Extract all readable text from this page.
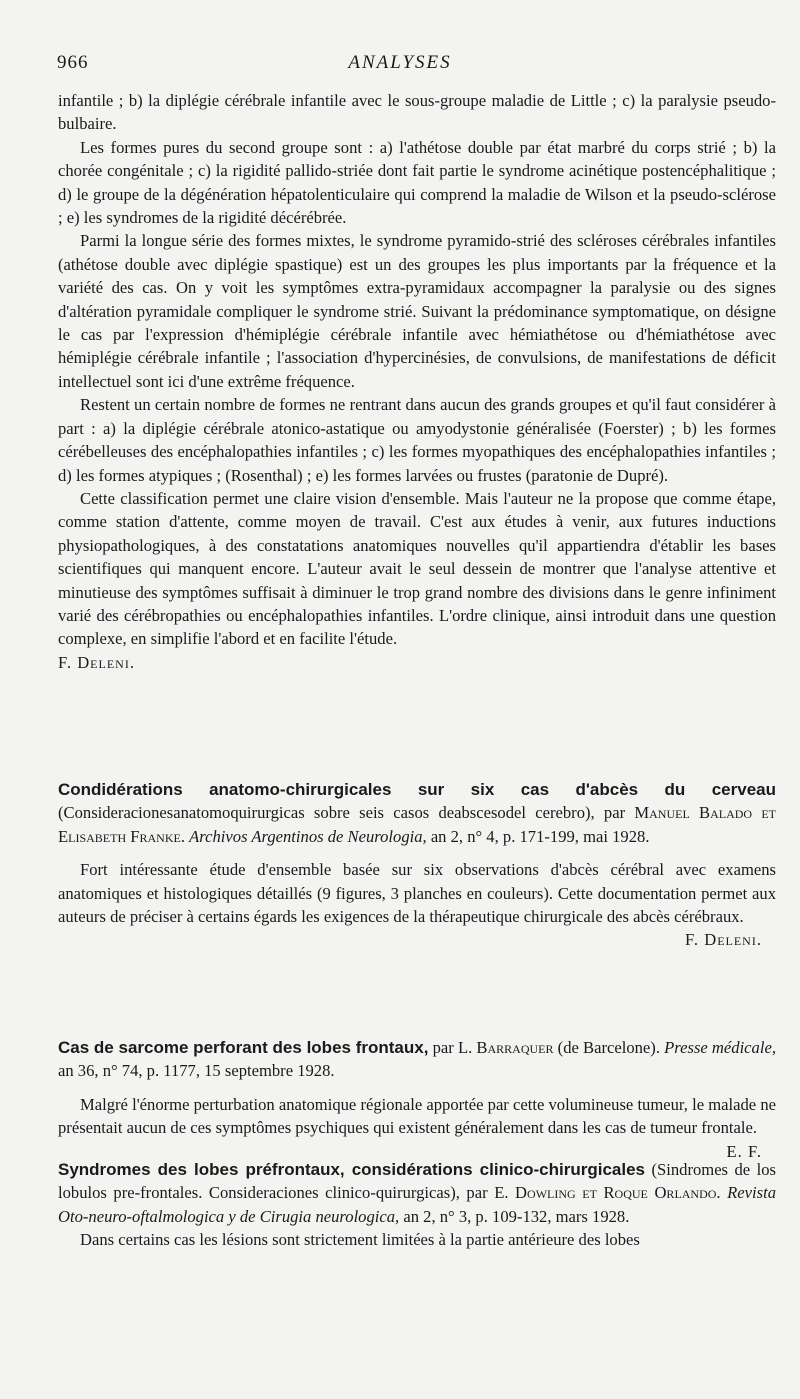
966	ANALYSES

infantile ; b) la diplégie cérébrale infantile avec le sous-groupe maladie de Little ; c) la paralysie pseudo-bulbaire.

Les formes pures du second groupe sont : a) l'athétose double par état marbré du corps strié ; b) la chorée congénitale ; c) la rigidité pallido-striée dont fait partie le syndrome acinétique postencéphalitique ; d) le groupe de la dégénération hépatolenticulaire qui comprend la maladie de Wilson et la pseudo-sclérose ; e) les syndromes de la rigidité décérébrée.

Parmi la longue série des formes mixtes, le syndrome pyramido-strié des scléroses cérébrales infantiles (athétose double avec diplégie spastique) est un des groupes les plus importants par la fréquence et la variété des cas. On y voit les symptômes extra-pyramidaux accompagner la paralysie ou des signes d'altération pyramidale compliquer le syndrome strié. Suivant la prédominance symptomatique, on désigne le cas par l'expression d'hémiplégie cérébrale infantile avec hémiathétose ou d'hémiathétose avec hémiplégie cérébrale infantile ; l'association d'hypercinésies, de convulsions, de manifestations de déficit intellectuel sont ici d'une extrême fréquence.

Restent un certain nombre de formes ne rentrant dans aucun des grands groupes et qu'il faut considérer à part : a) la diplégie cérébrale atonico-astatique ou amyodystonie généralisée (Foerster) ; b) les formes cérébelleuses des encéphalopathies infantiles ; c) les formes myopathiques des encéphalopathies infantiles ; d) les formes atypiques ; (Rosenthal) ; e) les formes larvées ou frustes (paratonie de Dupré).

Cette classification permet une claire vision d'ensemble. Mais l'auteur ne la propose que comme étape, comme station d'attente, comme moyen de travail. C'est aux études à venir, aux futures inductions physiopathologiques, à des constatations anatomiques nouvelles qu'il appartiendra d'établir les bases scientifiques qui manquent encore. L'auteur avait le seul dessein de montrer que l'analyse attentive et minutieuse des symptômes suffisait à diminuer le trop grand nombre des divisions dans le genre infiniment varié des cérébropathies ou encéphalopathies infantiles. L'ordre clinique, ainsi introduit dans une question complexe, en simplifie l'abord et en facilite l'étude.

F. Deleni.

Condidérations anatomo-chirurgicales sur six cas d'abcès du cerveau (Consideracionesanatomoquirurgicas sobre seis casos deabscesodel cerebro), par Manuel Balado et Elisabeth Franke. Archivos Argentinos de Neurologia, an 2, n° 4, p. 171-199, mai 1928.

Fort intéressante étude d'ensemble basée sur six observations d'abcès cérébral avec examens anatomiques et histologiques détaillés (9 figures, 3 planches en couleurs). Cette documentation permet aux auteurs de préciser à certains égards les exigences de la thérapeutique chirurgicale des abcès cérébraux.
F. Deleni.

Cas de sarcome perforant des lobes frontaux, par L. Barraquer (de Barcelone). Presse médicale, an 36, n° 74, p. 1177, 15 septembre 1928.

Malgré l'énorme perturbation anatomique régionale apportée par cette volumineuse tumeur, le malade ne présentait aucun de ces symptômes psychiques qui existent généralement dans les cas de tumeur frontale.
E. F.

Syndromes des lobes préfrontaux, considérations clinico-chirurgicales (Sindromes de los lobulos pre-frontales. Consideraciones clinico-quirurgicas), par E. Dowling et Roque Orlando. Revista Oto-neuro-oftalmologica y de Cirugia neurologica, an 2, n° 3, p. 109-132, mars 1928.

Dans certains cas les lésions sont strictement limitées à la partie antérieure des lobes
